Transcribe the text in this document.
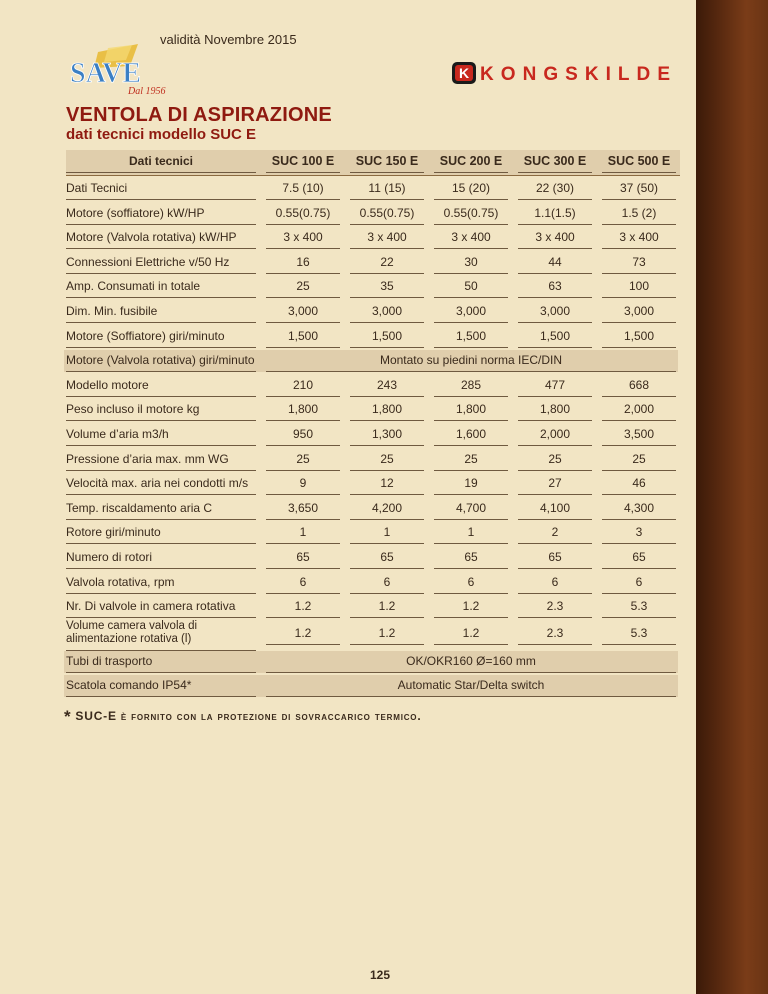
validità Novembre 2015
SAVE
Dal 1956
K KONGSKILDE
VENTOLA DI ASPIRAZIONE
dati tecnici modello SUC E
Dati tecnici	SUC 100 E	SUC 150 E	SUC 200 E	SUC 300 E	SUC 500 E
Dati Tecnici	7.5 (10)	11 (15)	15 (20)	22 (30)	37 (50)
Motore (soffiatore) kW/HP	0.55(0.75)	0.55(0.75)	0.55(0.75)	1.1(1.5)	1.5 (2)
Motore (Valvola rotativa) kW/HP	3 x 400	3 x 400	3 x 400	3 x 400	3 x 400
Connessioni Elettriche v/50 Hz	16	22	30	44	73
Amp. Consumati in totale	25	35	50	63	100
Dim. Min. fusibile	3,000	3,000	3,000	3,000	3,000
Motore (Soffiatore) giri/minuto	1,500	1,500	1,500	1,500	1,500
Motore (Valvola rotativa) giri/minuto	Montato su piedini norma IEC/DIN
Modello motore	210	243	285	477	668
Peso incluso il motore kg	1,800	1,800	1,800	1,800	2,000
Volume d’aria m3/h	950	1,300	1,600	2,000	3,500
Pressione d’aria max. mm WG	25	25	25	25	25
Velocità max. aria nei condotti m/s	9	12	19	27	46
Temp. riscaldamento aria C	3,650	4,200	4,700	4,100	4,300
Rotore giri/minuto	1	1	1	2	3
Numero di rotori	65	65	65	65	65
Valvola rotativa, rpm	6	6	6	6	6
Nr. Di valvole in camera rotativa	1.2	1.2	1.2	2.3	5.3
Volume camera valvola di alimentazione rotativa (l)	1.2	1.2	1.2	2.3	5.3
Tubi di trasporto	OK/OKR160 Ø=160 mm
Scatola comando IP54*	Automatic Star/Delta switch

* SUC-E è fornito con la protezione di sovraccarico termico.

125
